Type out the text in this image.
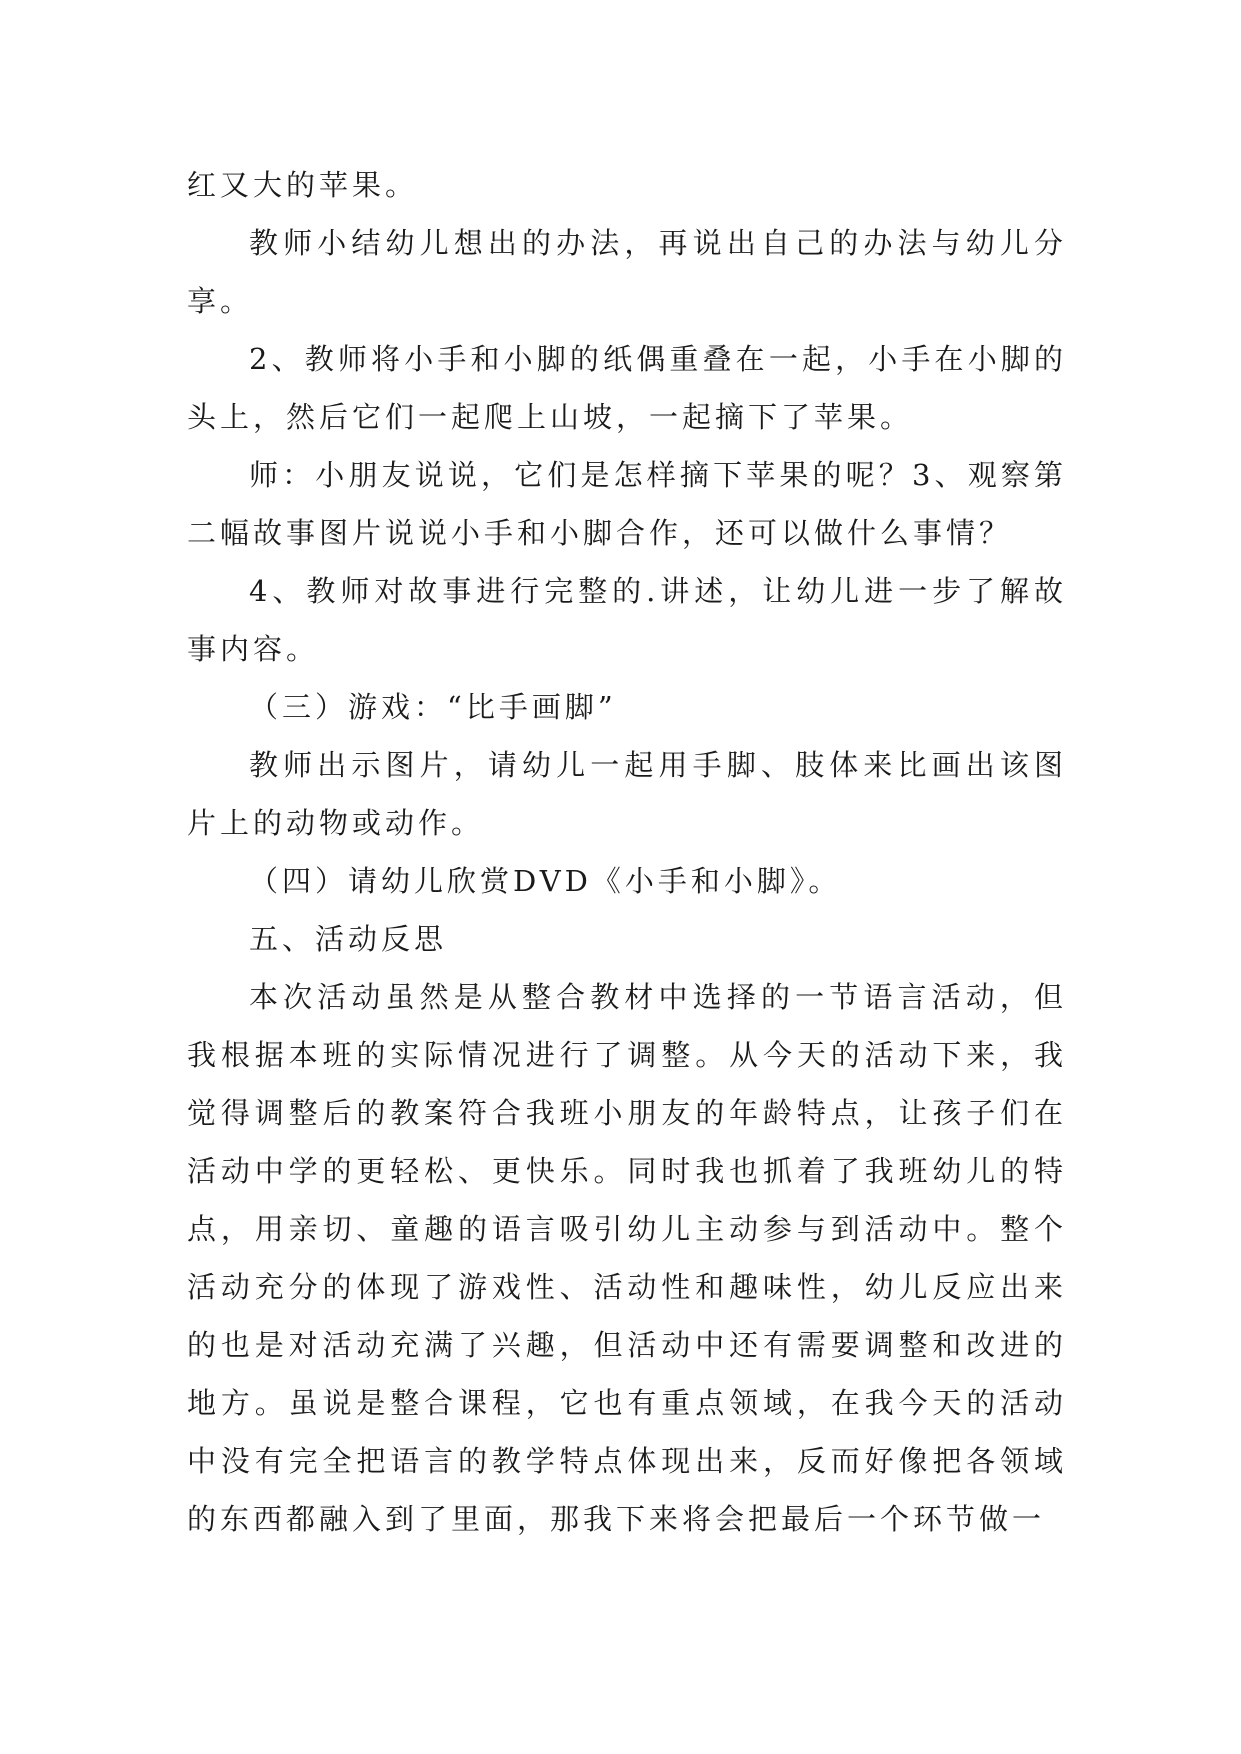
红又大的苹果。

教师小结幼儿想出的办法，再说出自己的办法与幼儿分享。

2、教师将小手和小脚的纸偶重叠在一起，小手在小脚的头上，然后它们一起爬上山坡，一起摘下了苹果。

师：小朋友说说，它们是怎样摘下苹果的呢？3、观察第二幅故事图片说说小手和小脚合作，还可以做什么事情？

4、教师对故事进行完整的.讲述，让幼儿进一步了解故事内容。

（三）游戏：“比手画脚”

教师出示图片，请幼儿一起用手脚、肢体来比画出该图片上的动物或动作。

（四）请幼儿欣赏DVD《小手和小脚》。

五、活动反思

本次活动虽然是从整合教材中选择的一节语言活动，但我根据本班的实际情况进行了调整。从今天的活动下来，我觉得调整后的教案符合我班小朋友的年龄特点，让孩子们在活动中学的更轻松、更快乐。同时我也抓着了我班幼儿的特点，用亲切、童趣的语言吸引幼儿主动参与到活动中。整个活动充分的体现了游戏性、活动性和趣味性，幼儿反应出来的也是对活动充满了兴趣，但活动中还有需要调整和改进的地方。虽说是整合课程，它也有重点领域，在我今天的活动中没有完全把语言的教学特点体现出来，反而好像把各领域的东西都融入到了里面，那我下来将会把最后一个环节做一
